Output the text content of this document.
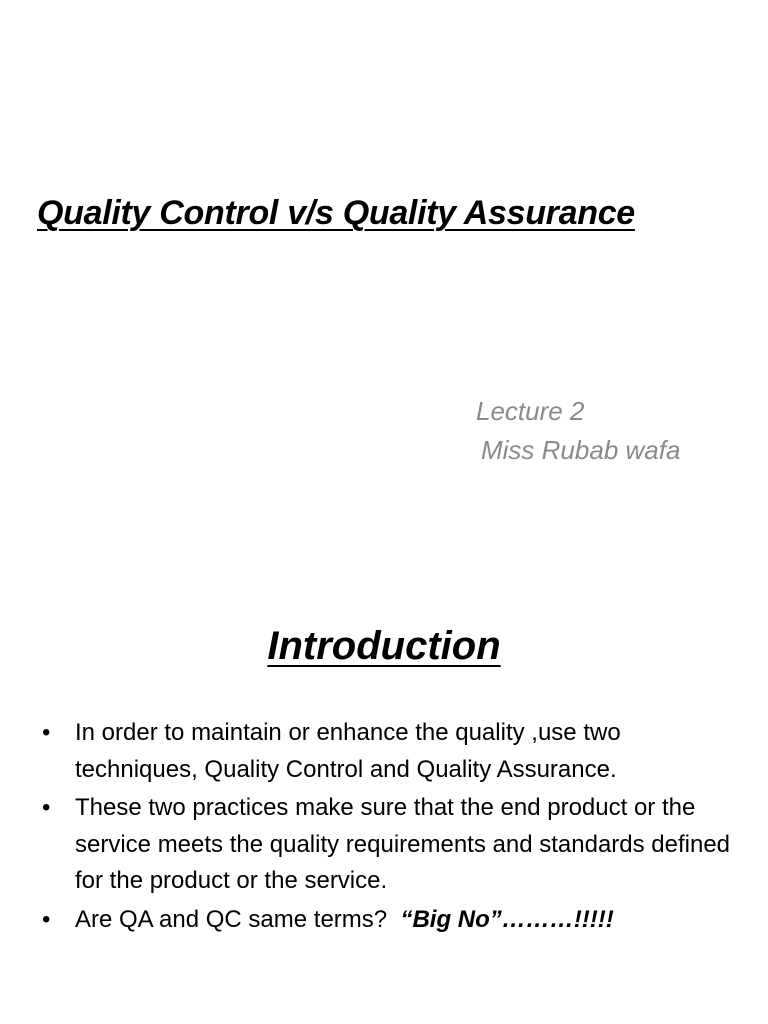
Quality Control v/s Quality Assurance
Lecture 2
Miss Rubab wafa
Introduction
•	In order to maintain or enhance the quality ,use two techniques, Quality Control and Quality Assurance.
•	These two practices make sure that the end product or the service meets the quality requirements and standards defined for the product or the service.
•	Are QA and QC same terms? “Big No”………!!!!!
